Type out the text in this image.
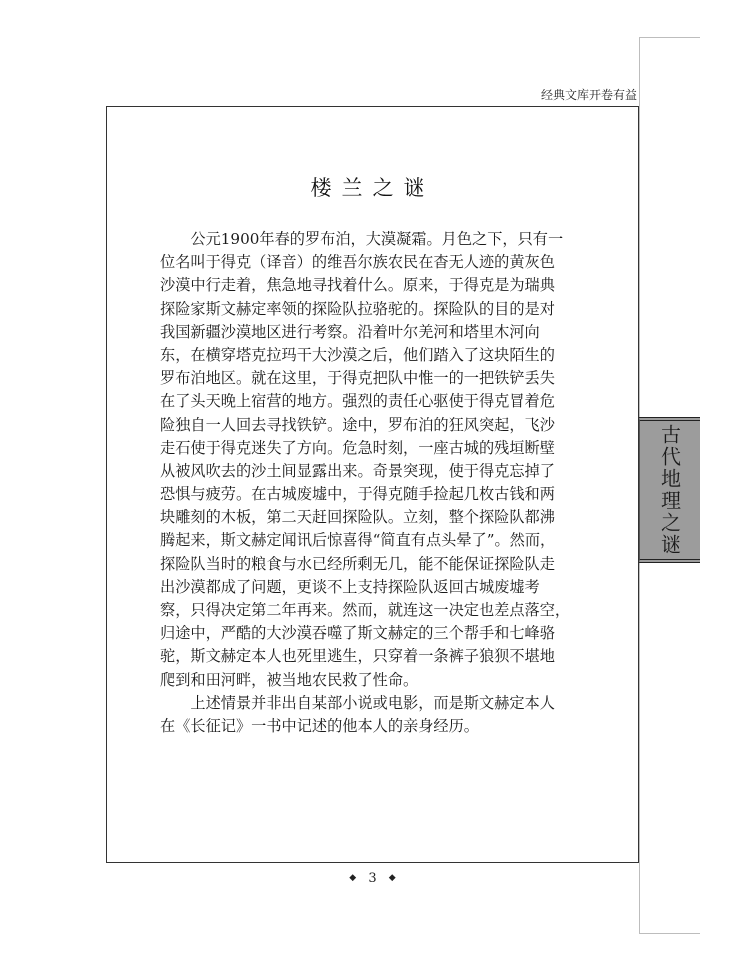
古代地理之谜
经典文库开卷有益
楼兰之谜
　　公元1900年春的罗布泊，大漠凝霜。月色之下，只有一
位名叫于得克（译音）的维吾尔族农民在杳无人迹的黄灰色
沙漠中行走着，焦急地寻找着什么。原来，于得克是为瑞典
探险家斯文赫定率领的探险队拉骆驼的。探险队的目的是对
我国新疆沙漠地区进行考察。沿着叶尔羌河和塔里木河向
东，在横穿塔克拉玛干大沙漠之后，他们踏入了这块陌生的
罗布泊地区。就在这里，于得克把队中惟一的一把铁铲丢失
在了头天晚上宿营的地方。强烈的责任心驱使于得克冒着危
险独自一人回去寻找铁铲。途中，罗布泊的狂风突起，飞沙
走石使于得克迷失了方向。危急时刻，一座古城的残垣断壁
从被风吹去的沙土间显露出来。奇景突现，使于得克忘掉了
恐惧与疲劳。在古城废墟中，于得克随手捡起几枚古钱和两
块雕刻的木板，第二天赶回探险队。立刻，整个探险队都沸
腾起来，斯文赫定闻讯后惊喜得“简直有点头晕了”。然而，
探险队当时的粮食与水已经所剩无几，能不能保证探险队走
出沙漠都成了问题，更谈不上支持探险队返回古城废墟考
察，只得决定第二年再来。然而，就连这一决定也差点落空，
归途中，严酷的大沙漠吞噬了斯文赫定的三个帮手和七峰骆
驼，斯文赫定本人也死里逃生，只穿着一条裤子狼狈不堪地
爬到和田河畔，被当地农民救了性命。
　　上述情景并非出自某部小说或电影，而是斯文赫定本人
在《长征记》一书中记述的他本人的亲身经历。
◆ 3 ◆
